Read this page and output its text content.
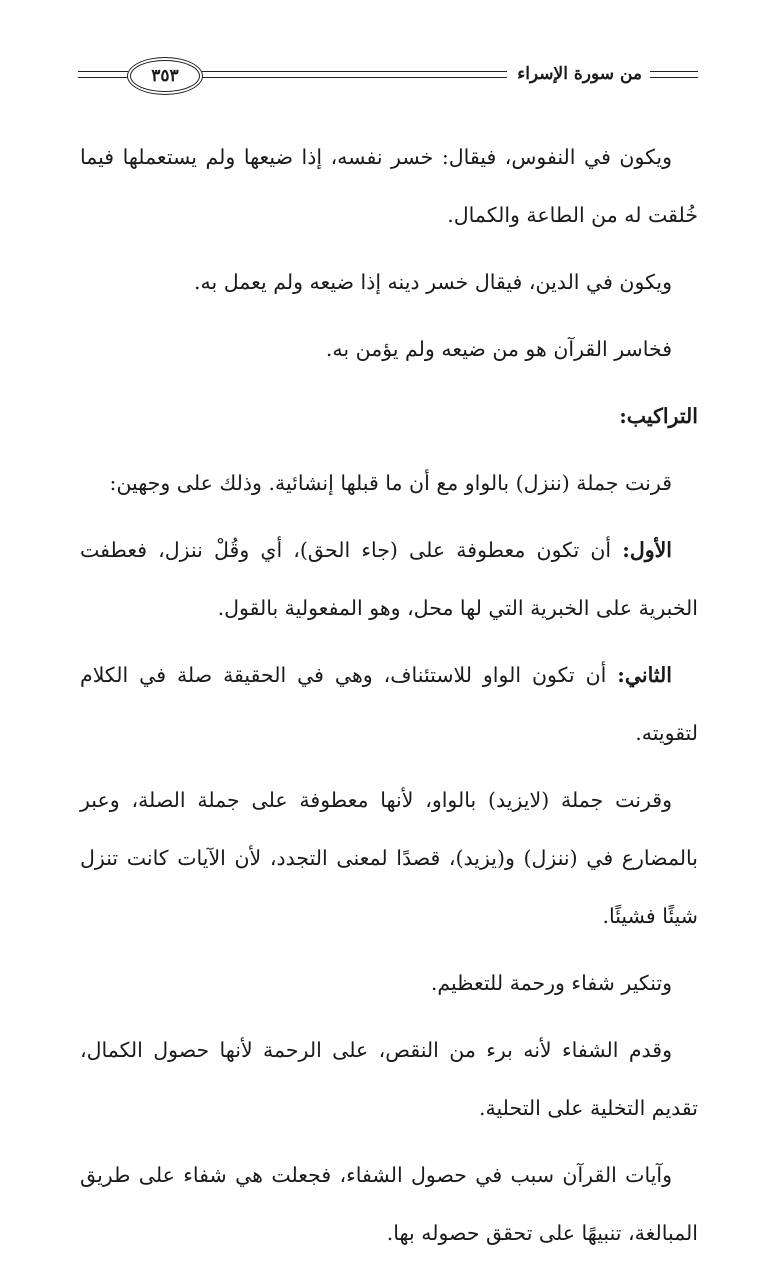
٣٥٣	من سورة الإسراء

ويكون في النفوس، فيقال: خسر نفسه، إذا ضيعها ولم يستعملها فيما خُلقت له من الطاعة والكمال.

ويكون في الدين، فيقال خسر دينه إذا ضيعه ولم يعمل به.

فخاسر القرآن هو من ضيعه ولم يؤمن به.

التراكيب:

قرنت جملة (ننزل) بالواو مع أن ما قبلها إنشائية. وذلك على وجهين:

الأول: أن تكون معطوفة على (جاء الحق)، أي وقُلْ ننزل، فعطفت الخبرية على الخبرية التي لها محل، وهو المفعولية بالقول.

الثاني: أن تكون الواو للاستئناف، وهي في الحقيقة صلة في الكلام لتقويته.

وقرنت جملة (لايزيد) بالواو، لأنها معطوفة على جملة الصلة، وعبر بالمضارع في (ننزل) و(يزيد)، قصدًا لمعنى التجدد، لأن الآيات كانت تنزل شيئًا فشيئًا.

وتنكير شفاء ورحمة للتعظيم.

وقدم الشفاء لأنه برء من النقص، على الرحمة لأنها حصول الكمال، تقديم التخلية على التحلية.

وآيات القرآن سبب في حصول الشفاء، فجعلت هي شفاء على طريق المبالغة، تنبيهًا على تحقق حصوله بها.
